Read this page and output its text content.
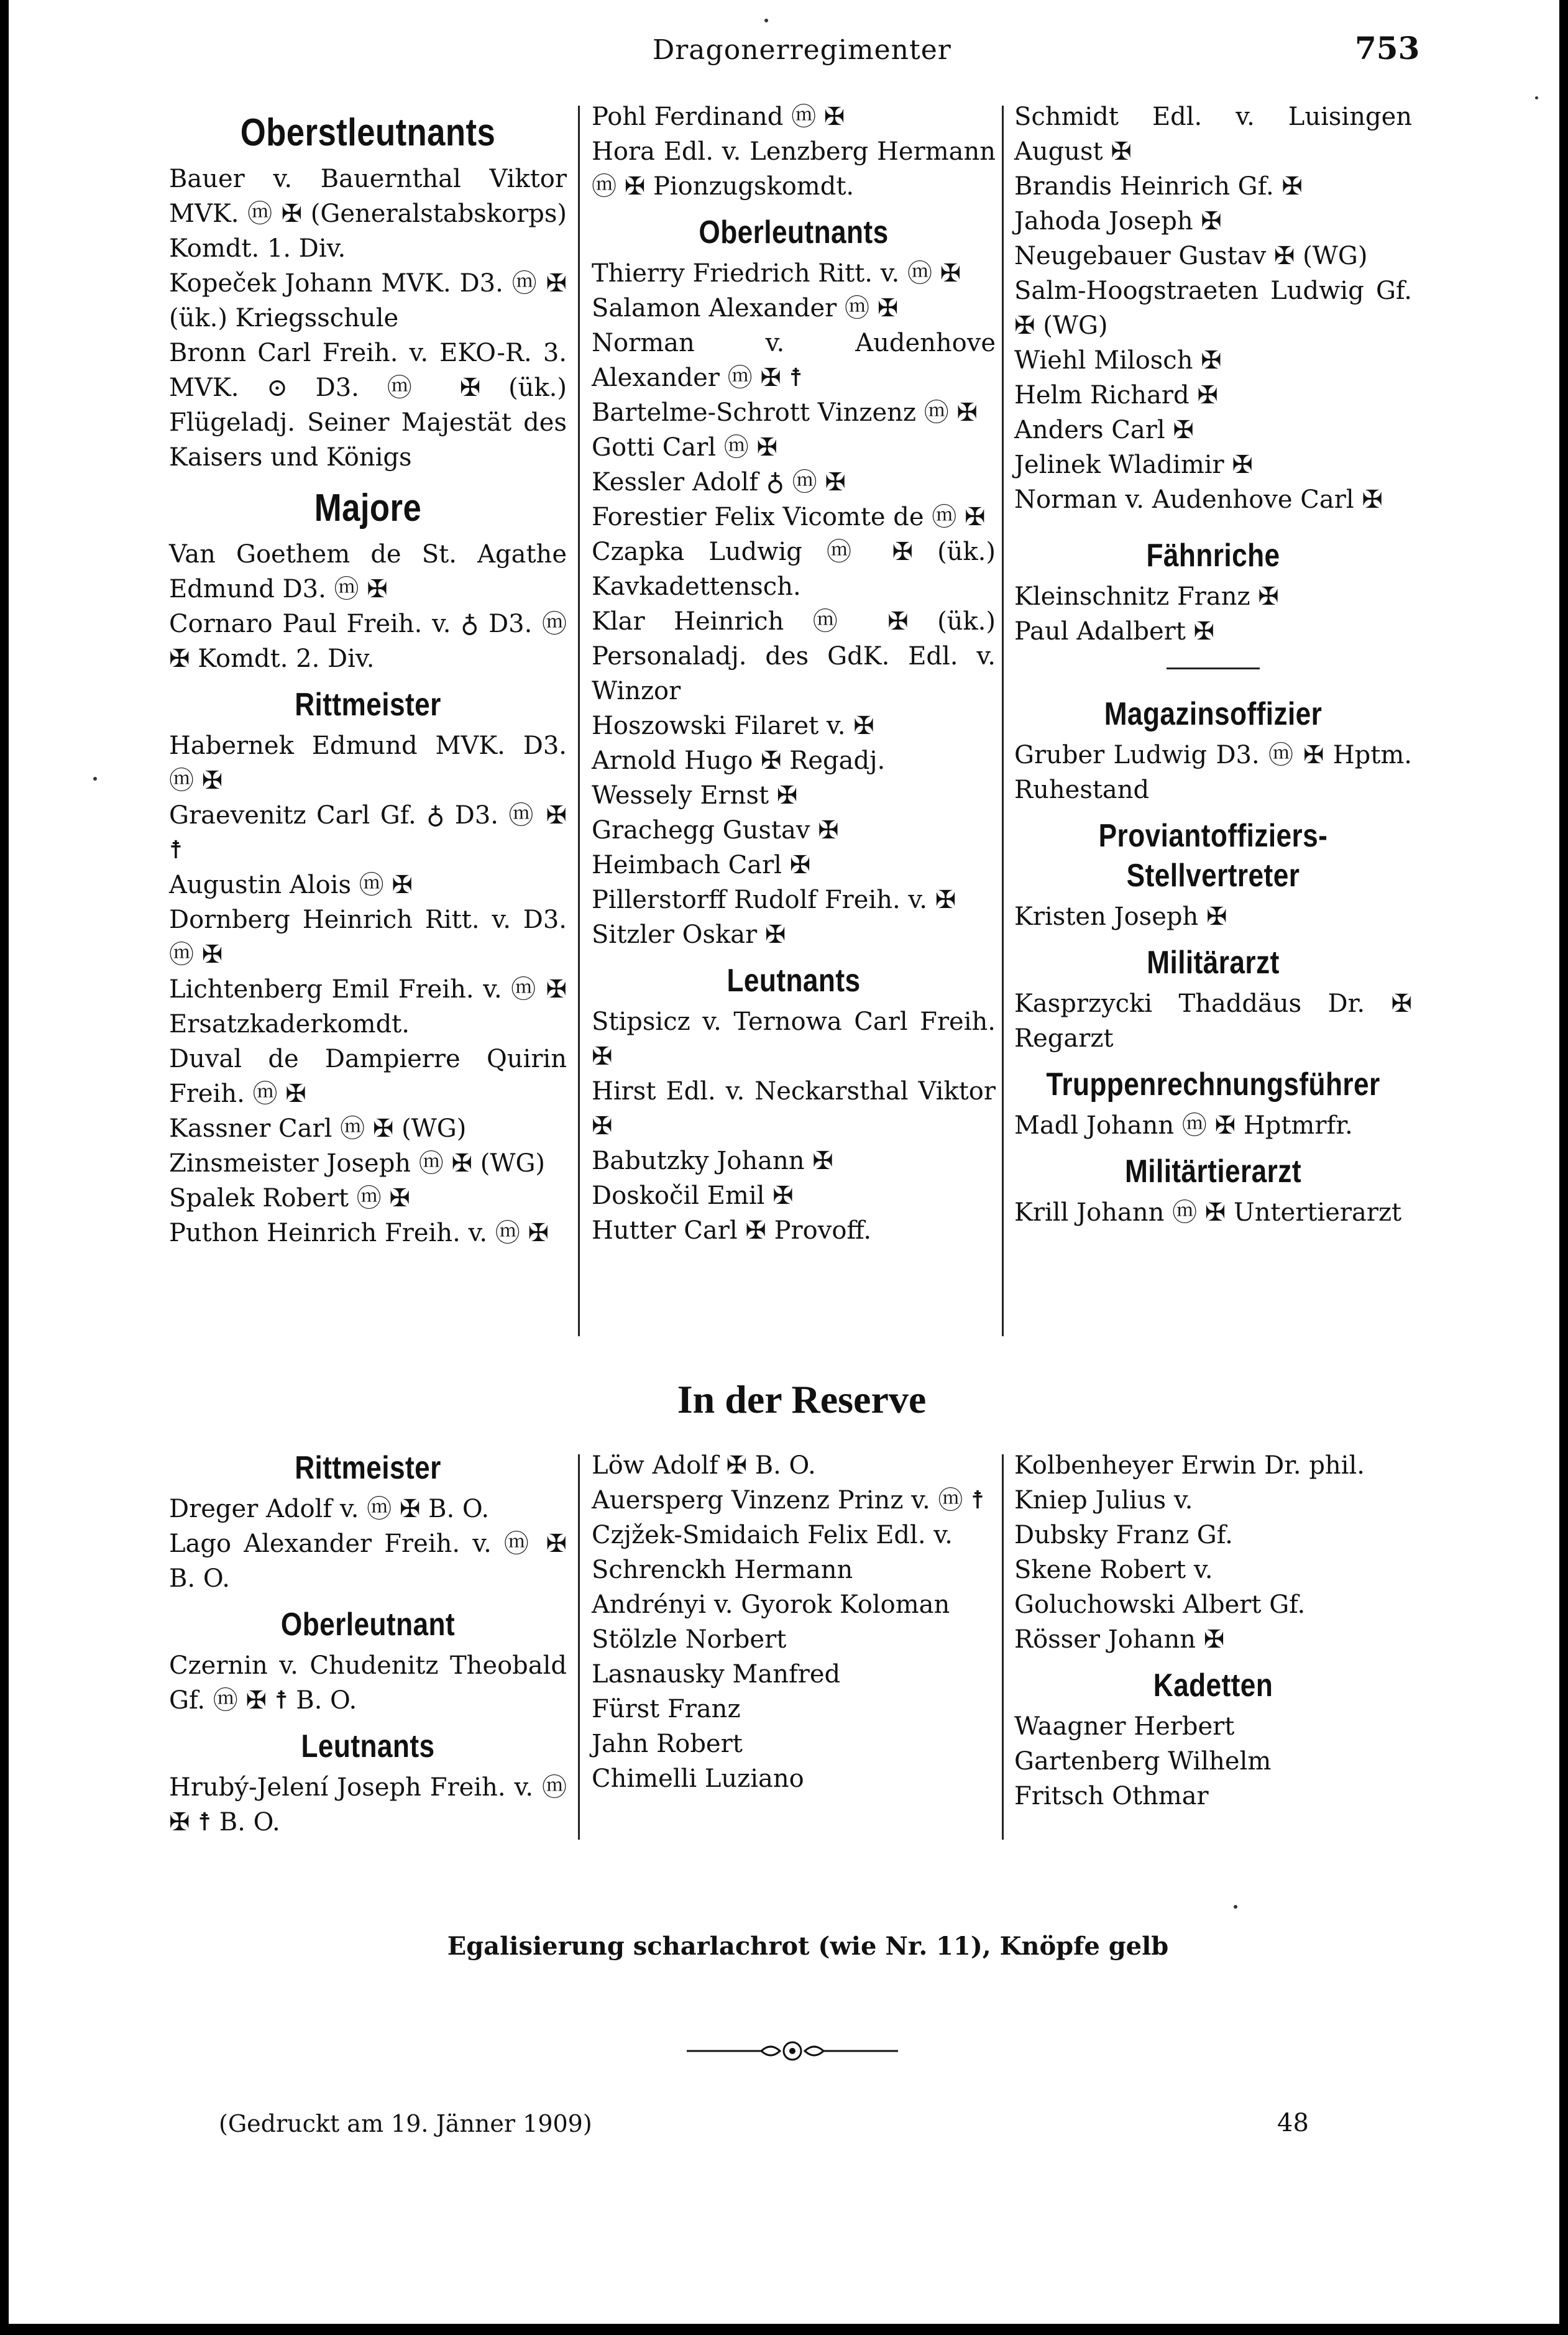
Dragonerregimenter	753
Oberstleutnants

Bauer v. Bauernthal Viktor MVK. ⓜ ✠ (Generalstabskorps) Komdt. 1. Div.

Kopeček Johann MVK. D3. ⓜ ✠ (ük.) Kriegsschule

Bronn Carl Freih. v. EKO-R. 3. MVK. ⊙ D3. ⓜ ✠ (ük.) Flügeladj. Seiner Majestät des Kaisers und Königs

Majore

Van Goethem de St. Agathe Edmund D3. ⓜ ✠

Cornaro Paul Freih. v. ♁ D3. ⓜ ✠ Komdt. 2. Div.

Rittmeister

Habernek Edmund MVK. D3. ⓜ ✠

Graevenitz Carl Gf. ♁ D3. ⓜ ✠ ☨

Augustin Alois ⓜ ✠

Dornberg Heinrich Ritt. v. D3. ⓜ ✠

Lichtenberg Emil Freih. v. ⓜ ✠ Ersatzkaderkomdt.

Duval de Dampierre Quirin Freih. ⓜ ✠

Kassner Carl ⓜ ✠ (WG)

Zinsmeister Joseph ⓜ ✠ (WG)

Spalek Robert ⓜ ✠

Puthon Heinrich Freih. v. ⓜ ✠

Pohl Ferdinand ⓜ ✠

Hora Edl. v. Lenzberg Hermann ⓜ ✠ Pionzugskomdt.

Oberleutnants

Thierry Friedrich Ritt. v. ⓜ ✠

Salamon Alexander ⓜ ✠

Norman v. Audenhove Alexander ⓜ ✠ ☨

Bartelme-Schrott Vinzenz ⓜ ✠

Gotti Carl ⓜ ✠

Kessler Adolf ♁ ⓜ ✠

Forestier Felix Vicomte de ⓜ ✠

Czapka Ludwig ⓜ ✠ (ük.) Kavkadettensch.

Klar Heinrich ⓜ ✠ (ük.) Personaladj. des GdK. Edl. v. Winzor

Hoszowski Filaret v. ✠

Arnold Hugo ✠ Regadj.

Wessely Ernst ✠

Grachegg Gustav ✠

Heimbach Carl ✠

Pillerstorff Rudolf Freih. v. ✠

Sitzler Oskar ✠

Leutnants

Stipsicz v. Ternowa Carl Freih. ✠

Hirst Edl. v. Neckarsthal Viktor ✠

Babutzky Johann ✠

Doskočil Emil ✠

Hutter Carl ✠ Provoff.

Schmidt Edl. v. Luisingen August ✠

Brandis Heinrich Gf. ✠

Jahoda Joseph ✠

Neugebauer Gustav ✠ (WG)

Salm-Hoogstraeten Ludwig Gf. ✠ (WG)

Wiehl Milosch ✠

Helm Richard ✠

Anders Carl ✠

Jelinek Wladimir ✠

Norman v. Audenhove Carl ✠

Fähnriche

Kleinschnitz Franz ✠

Paul Adalbert ✠

Magazinsoffizier

Gruber Ludwig D3. ⓜ ✠ Hptm. Ruhestand

Proviantoffiziers-Stellvertreter

Kristen Joseph ✠

Militärarzt

Kasprzycki Thaddäus Dr. ✠ Regarzt

Truppenrechnungsführer

Madl Johann ⓜ ✠ Hptmrfr.

Militärtierarzt

Krill Johann ⓜ ✠ Untertierarzt

In der Reserve
Rittmeister

Dreger Adolf v. ⓜ ✠ B. O.

Lago Alexander Freih. v. ⓜ ✠ B. O.

Oberleutnant

Czernin v. Chudenitz Theobald Gf. ⓜ ✠ ☨ B. O.

Leutnants

Hrubý-Jelení Joseph Freih. v. ⓜ ✠ ☨ B. O.

Löw Adolf ✠ B. O.

Auersperg Vinzenz Prinz v. ⓜ ☨

Czjžek-Smidaich Felix Edl. v.

Schrenckh Hermann

Andrényi v. Gyorok Koloman

Stölzle Norbert

Lasnausky Manfred

Fürst Franz

Jahn Robert

Chimelli Luziano

Kolbenheyer Erwin Dr. phil.

Kniep Julius v.

Dubsky Franz Gf.

Skene Robert v.

Goluchowski Albert Gf.

Rösser Johann ✠

Kadetten

Waagner Herbert

Gartenberg Wilhelm

Fritsch Othmar

Egalisierung scharlachrot (wie Nr. 11), Knöpfe gelb
(Gedruckt am 19. Jänner 1909)	48
